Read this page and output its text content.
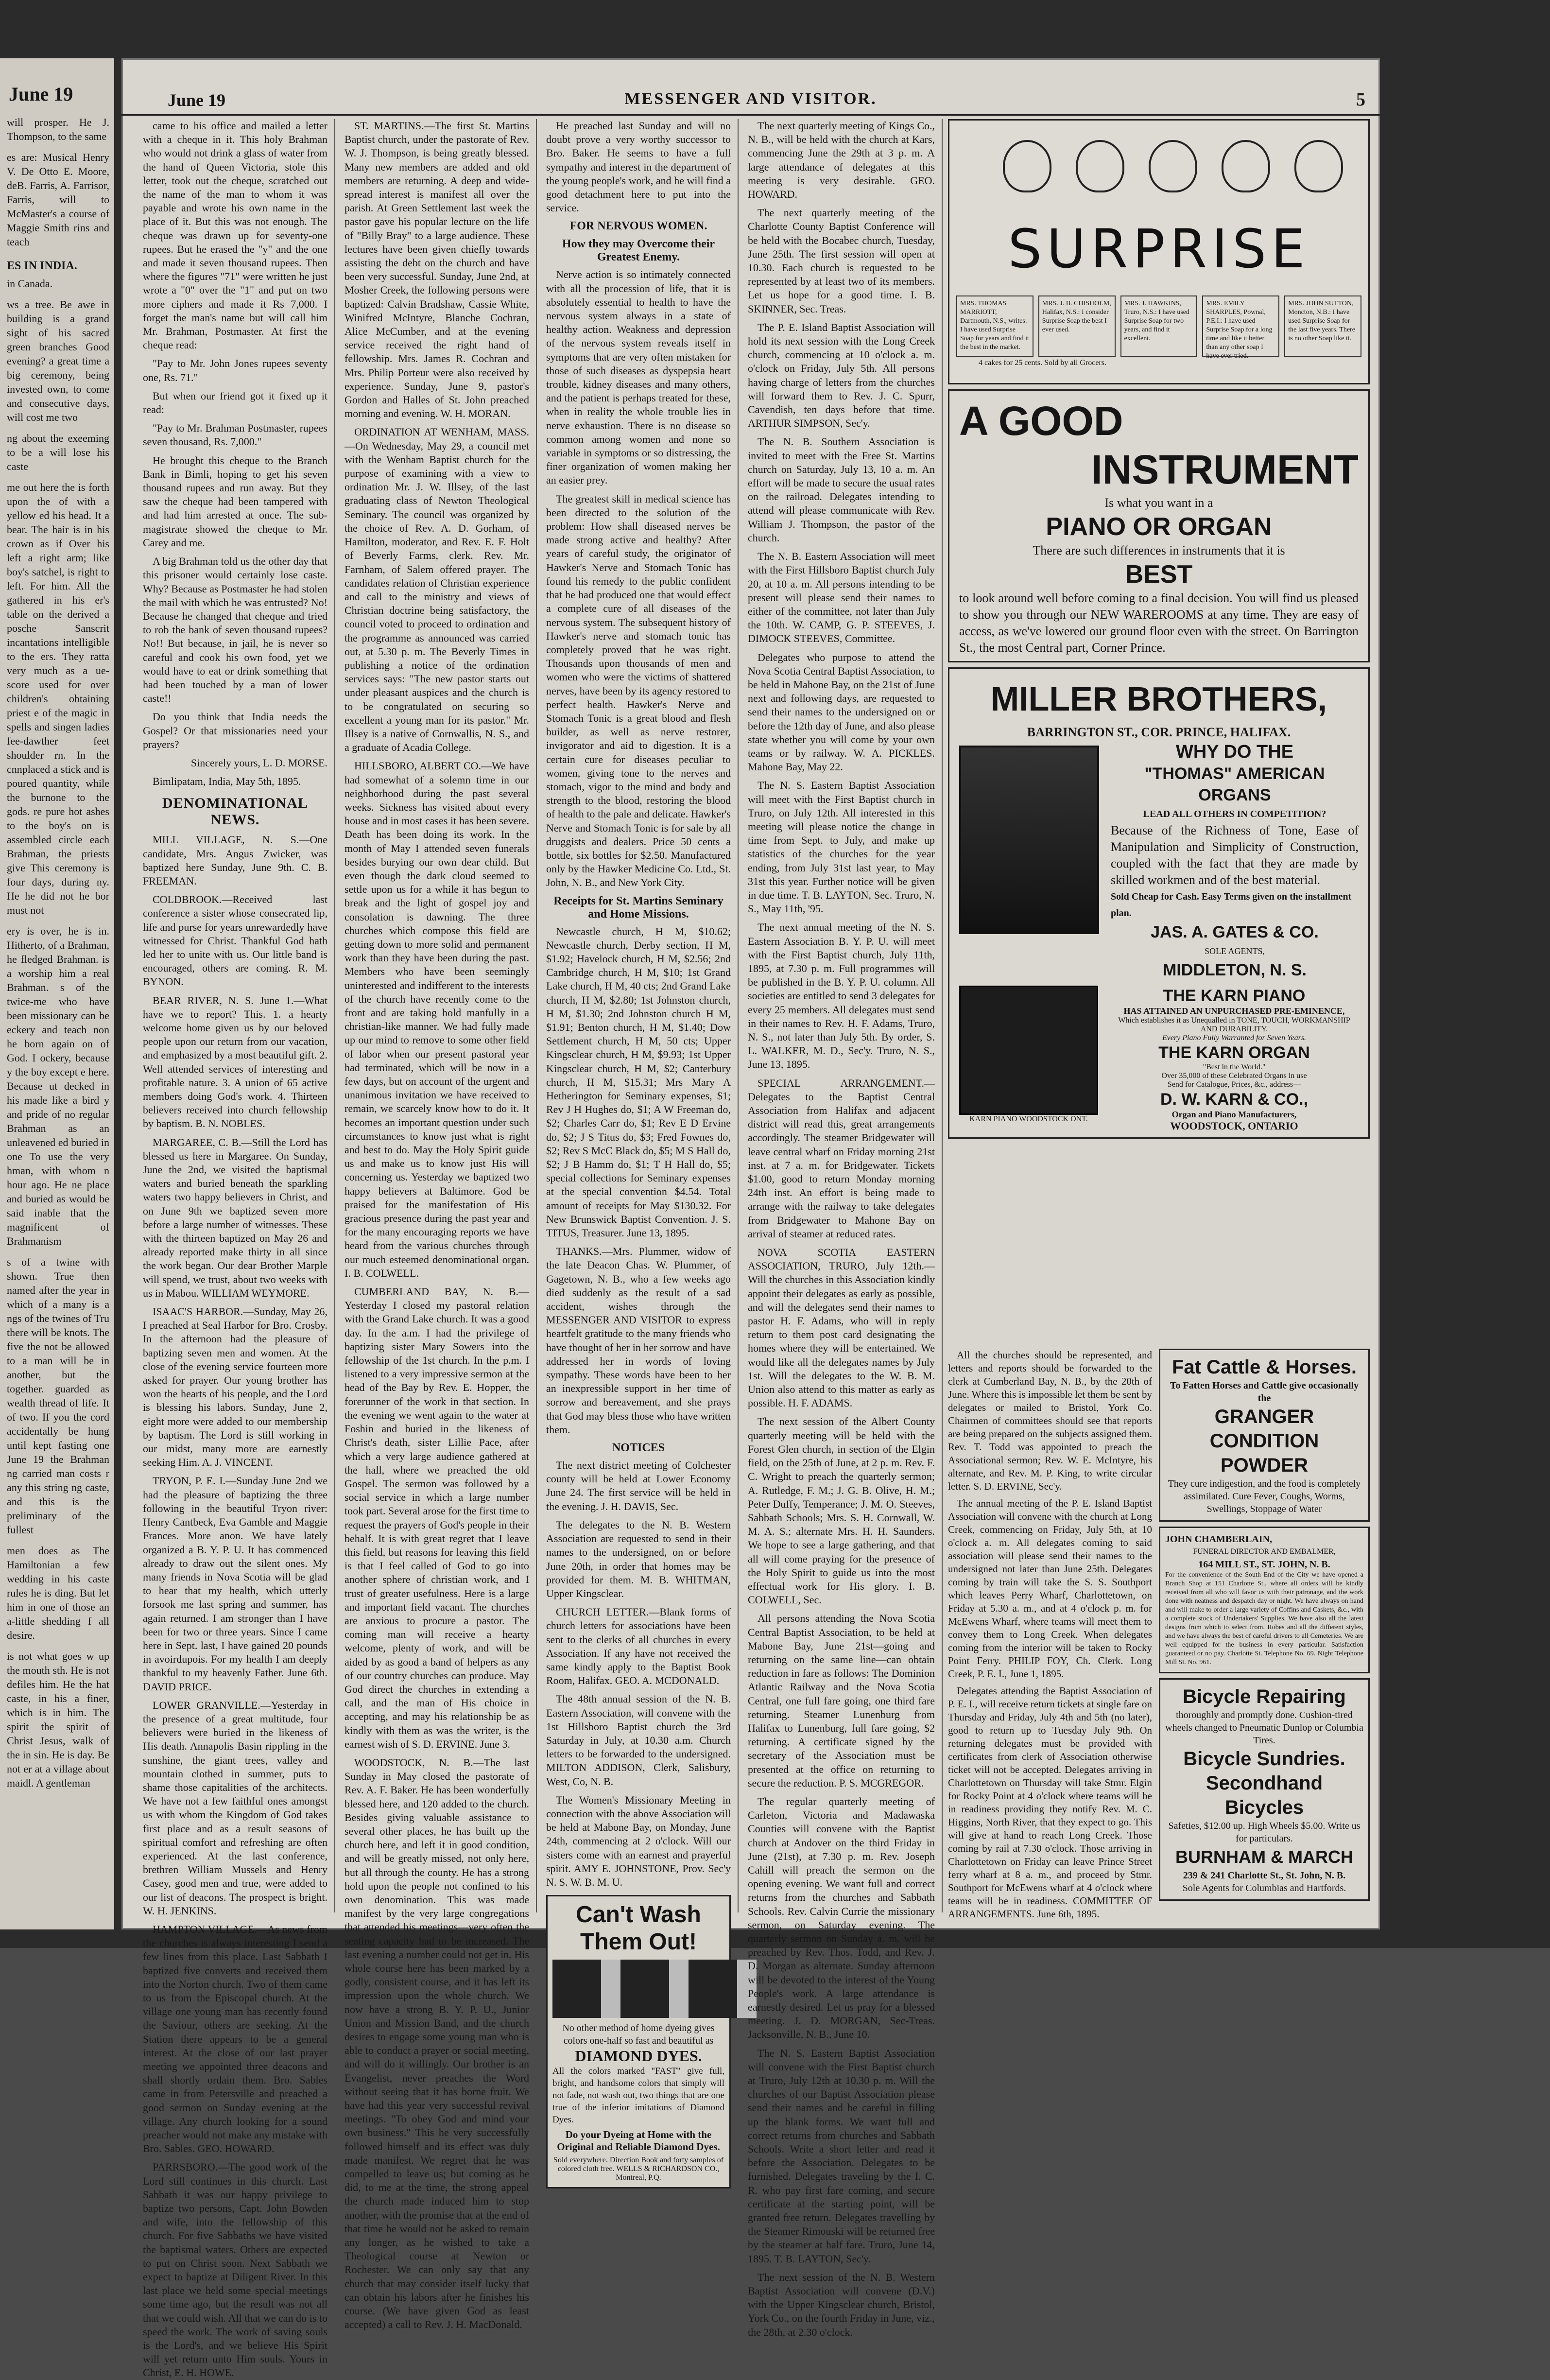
June 19
will prosper. He J. Thompson, to the same
es are: Musical Henry V. De Otto E. Moore, deB. Farris, A. Farrisor, Farris, will to McMaster's a course of Maggie Smith rins and teach
ES IN INDIA.
in Canada.
ws a tree. Be awe in building is a grand sight of his sacred green branches Good evening? a great time a big ceremony, being invested own, to come and consecutive days, will cost me two
ng about the exeeming to be a will lose his caste
me out here the is forth upon the of with a yellow ed his head. It a bear. The hair is in his crown as if Over his left a right arm; like boy's satchel, is right to left. For him. All the gathered in his er's table on the derived a posche Sanscrit incantations intelligible to the ers. They ratta very much as a ue-score used for over children's obtaining priest e of the magic in spells and singen ladies fee-dawther feet shoulder rn. In the cnnplaced a stick and is poured quantity, while the burnone to the gods. re pure hot ashes to the boy's on is assembled circle each Brahman, the priests give This ceremony is four days, during ny. He he did not he bor must not
ery is over, he is in. Hitherto, of a Brahman, he fledged Brahman. is a worship him a real Brahman. s of the twice-me who have been missionary can be eckery and teach non he born again on of God. I ockery, because y the boy except e here. Because ut decked in his made like a bird y and pride of no regular Brahman as an unleavened ed buried in one To use the very hman, with whom n hour ago. He ne place and buried as would be said inable that the magnificent of Brahmanism
s of a twine with shown. True then named after the year in which of a many is a ngs of the twines of Tru there will be knots. The five the not be allowed to a man will be in another, but the together. guarded as wealth thread of life. It of two. If you the cord accidentally be hung until kept fasting one June 19 the Brahman ng carried man costs r any this string ng caste, and this is the preliminary of the fullest
men does as The Hamiltonian a few wedding in his caste rules he is ding. But let him in one of those an a-little shedding f all desire.
is not what goes w up the mouth sth. He is not defiles him. He the hat caste, in his a finer, which is in him. The spirit the spirit of Christ Jesus, walk of the in sin. He is day. Be not er at a village about maidl. A gentleman
June 19	MESSENGER AND VISITOR.	5

came to his office and mailed a letter with a cheque in it. This holy Brahman who would not drink a glass of water from the hand of Queen Victoria, stole this letter, took out the cheque, scratched out the name of the man to whom it was payable and wrote his own name in the place of it. But this was not enough. The cheque was drawn up for seventy-one rupees. But he erased the "y" and the one and made it seven thousand rupees. Then where the figures "71" were written he just wrote a "0" over the "1" and put on two more ciphers and made it Rs 7,000. I forget the man's name but will call him Mr. Brahman, Postmaster. At first the cheque read:

"Pay to Mr. John Jones rupees seventy one, Rs. 71."

But when our friend got it fixed up it read:

"Pay to Mr. Brahman Postmaster, rupees seven thousand, Rs. 7,000."

He brought this cheque to the Branch Bank in Bimli, hoping to get his seven thousand rupees and run away. But they saw the cheque had been tampered with and had him arrested at once. The sub-magistrate showed the cheque to Mr. Carey and me.

A big Brahman told us the other day that this prisoner would certainly lose caste. Why? Because as Postmaster he had stolen the mail with which he was entrusted? No! Because he changed that cheque and tried to rob the bank of seven thousand rupees? No!! But because, in jail, he is never so careful and cook his own food, yet we would have to eat or drink something that had been touched by a man of lower caste!!

Do you think that India needs the Gospel? Or that missionaries need your prayers?

Sincerely yours, L. D. MORSE.

Bimlipatam, India, May 5th, 1895.

DENOMINATIONAL NEWS.

MILL VILLAGE, N. S.—One candidate, Mrs. Angus Zwicker, was baptized here Sunday, June 9th. C. B. FREEMAN.

COLDBROOK.—Received last conference a sister whose consecrated lip, life and purse for years unrewardedly have witnessed for Christ. Thankful God hath led her to unite with us. Our little band is encouraged, others are coming. R. M. BYNON.

BEAR RIVER, N. S. June 1.—What have we to report? This. 1. a hearty welcome home given us by our beloved people upon our return from our vacation, and emphasized by a most beautiful gift. 2. Well attended services of interesting and profitable nature. 3. A union of 65 active members doing God's work. 4. Thirteen believers received into church fellowship by baptism. B. N. NOBLES.

MARGAREE, C. B.—Still the Lord has blessed us here in Margaree. On Sunday, June the 2nd, we visited the baptismal waters and buried beneath the sparkling waters two happy believers in Christ, and on June 9th we baptized seven more before a large number of witnesses. These with the thirteen baptized on May 26 and already reported make thirty in all since the work began. Our dear Brother Marple will spend, we trust, about two weeks with us in Mabou. WILLIAM WEYMORE.

ISAAC'S HARBOR.—Sunday, May 26, I preached at Seal Harbor for Bro. Crosby. In the afternoon had the pleasure of baptizing seven men and women. At the close of the evening service fourteen more asked for prayer. Our young brother has won the hearts of his people, and the Lord is blessing his labors. Sunday, June 2, eight more were added to our membership by baptism. The Lord is still working in our midst, many more are earnestly seeking Him. A. J. VINCENT.

TRYON, P. E. I.—Sunday June 2nd we had the pleasure of baptizing the three following in the beautiful Tryon river: Henry Cantbeck, Eva Gamble and Maggie Frances. More anon. We have lately organized a B. Y. P. U. It has commenced already to draw out the silent ones. My many friends in Nova Scotia will be glad to hear that my health, which utterly forsook me last spring and summer, has again returned. I am stronger than I have been for two or three years. Since I came here in Sept. last, I have gained 20 pounds in avoirdupois. For my health I am deeply thankful to my heavenly Father. June 6th. DAVID PRICE.

LOWER GRANVILLE.—Yesterday in the presence of a great multitude, four believers were buried in the likeness of His death. Annapolis Basin rippling in the sunshine, the giant trees, valley and mountain clothed in summer, puts to shame those capitalities of the architects. We have not a few faithful ones amongst us with whom the Kingdom of God takes first place and as a result seasons of spiritual comfort and refreshing are often experienced. At the last conference, brethren William Mussels and Henry Casey, good men and true, were added to our list of deacons. The prospect is bright. W. H. JENKINS.

HAMPTON VILLAGE.—As news from the churches is always interesting I send a few lines from this place. Last Sabbath I baptized five converts and received them into the Norton church. Two of them came to us from the Episcopal church. At the village one young man has recently found the Saviour, others are seeking. At the Station there appears to be a general interest. At the close of our last prayer meeting we appointed three deacons and shall shortly ordain them. Bro. Sables came in from Petersville and preached a good sermon on Sunday evening at the village. Any church looking for a sound preacher would not make any mistake with Bro. Sables. GEO. HOWARD.

PARRSBORO.—The good work of the Lord still continues in this church. Last Sabbath it was our happy privilege to baptize two persons, Capt. John Bowden and wife, into the fellowship of this church. For five Sabbaths we have visited the baptismal waters. Others are expected to put on Christ soon. Next Sabbath we expect to baptize at Diligent River. In this last place we held some special meetings some time ago, but the result was not all that we could wish. All that we can do is to speed the work. The work of saving souls is the Lord's, and we believe His Spirit will yet return unto Him souls. Yours in Christ, E. H. HOWE.

ST. MARTINS.—The first St. Martins Baptist church, under the pastorate of Rev. W. J. Thompson, is being greatly blessed. Many new members are added and old members are returning. A deep and wide-spread interest is manifest all over the parish. At Green Settlement last week the pastor gave his popular lecture on the life of "Billy Bray" to a large audience. These lectures have been given chiefly towards assisting the debt on the church and have been very successful. Sunday, June 2nd, at Mosher Creek, the following persons were baptized: Calvin Bradshaw, Cassie White, Winifred McIntyre, Blanche Cochran, Alice McCumber, and at the evening service received the right hand of fellowship. Mrs. James R. Cochran and Mrs. Philip Porteur were also received by experience. Sunday, June 9, pastor's Gordon and Halles of St. John preached morning and evening. W. H. MORAN.

ORDINATION AT WENHAM, MASS.—On Wednesday, May 29, a council met with the Wenham Baptist church for the purpose of examining with a view to ordination Mr. J. W. Illsey, of the last graduating class of Newton Theological Seminary. The council was organized by the choice of Rev. A. D. Gorham, of Hamilton, moderator, and Rev. E. F. Holt of Beverly Farms, clerk. Rev. Mr. Farnham, of Salem offered prayer. The candidates relation of Christian experience and call to the ministry and views of Christian doctrine being satisfactory, the council voted to proceed to ordination and the programme as announced was carried out, at 5.30 p. m. The Beverly Times in publishing a notice of the ordination services says: "The new pastor starts out under pleasant auspices and the church is to be congratulated on securing so excellent a young man for its pastor." Mr. Illsey is a native of Cornwallis, N. S., and a graduate of Acadia College.

HILLSBORO, ALBERT CO.—We have had somewhat of a solemn time in our neighborhood during the past several weeks. Sickness has visited about every house and in most cases it has been severe. Death has been doing its work. In the month of May I attended seven funerals besides burying our own dear child. But even though the dark cloud seemed to settle upon us for a while it has begun to break and the light of gospel joy and consolation is dawning. The three churches which compose this field are getting down to more solid and permanent work than they have been during the past. Members who have been seemingly uninterested and indifferent to the interests of the church have recently come to the front and are taking hold manfully in a christian-like manner. We had fully made up our mind to remove to some other field of labor when our present pastoral year had terminated, which will be now in a few days, but on account of the urgent and unanimous invitation we have received to remain, we scarcely know how to do it. It becomes an important question under such circumstances to know just what is right and best to do. May the Holy Spirit guide us and make us to know just His will concerning us. Yesterday we baptized two happy believers at Baltimore. God be praised for the manifestation of His gracious presence during the past year and for the many encouraging reports we have heard from the various churches through our much esteemed denominational organ. I. B. COLWELL.

CUMBERLAND BAY, N. B.—Yesterday I closed my pastoral relation with the Grand Lake church. It was a good day. In the a.m. I had the privilege of baptizing sister Mary Sowers into the fellowship of the 1st church. In the p.m. I listened to a very impressive sermon at the head of the Bay by Rev. E. Hopper, the forerunner of the work in that section. In the evening we went again to the water at Foshin and buried in the likeness of Christ's death, sister Lillie Pace, after which a very large audience gathered at the hall, where we preached the old Gospel. The sermon was followed by a social service in which a large number took part. Several arose for the first time to request the prayers of God's people in their behalf. It is with great regret that I leave this field, but reasons for leaving this field is that I feel called of God to go into another sphere of christian work, and I trust of greater usefulness. Here is a large and important field vacant. The churches are anxious to procure a pastor. The coming man will receive a hearty welcome, plenty of work, and will be aided by as good a band of helpers as any of our country churches can produce. May God direct the churches in extending a call, and the man of His choice in accepting, and may his relationship be as kindly with them as was the writer, is the earnest wish of S. D. ERVINE. June 3.

WOODSTOCK, N. B.—The last Sunday in May closed the pastorate of Rev. A. F. Baker. He has been wonderfully blessed here, and 120 added to the church. Besides giving valuable assistance to several other places, he has built up the church here, and left it in good condition, and will be greatly missed, not only here, but all through the county. He has a strong hold upon the people not confined to his own denomination. This was made manifest by the very large congregations that attended his meetings—very often the seating capacity had to be increased. The last evening a number could not get in. His whole course here has been marked by a godly, consistent course, and it has left its impression upon the whole church. We now have a strong B. Y. P. U., Junior Union and Mission Band, and the church desires to engage some young man who is able to conduct a prayer or social meeting, and will do it willingly. Our brother is an Evangelist, never preaches the Word without seeing that it has borne fruit. We have had this year very successful revival meetings. "To obey God and mind your own business." This he very successfully followed himself and its effect was duly made manifest. We regret that he was compelled to leave us; but coming as he did, to me at the time, the strong appeal the church made induced him to stop another, with the promise that at the end of that time he would not be asked to remain any longer, as he wished to take a Theological course at Newton or Rochester. We can only say that any church that may consider itself lucky that can obtain his labors after he finishes his course. (We have given God as least accepted) a call to Rev. J. H. MacDonald.

He preached last Sunday and will no doubt prove a very worthy successor to Bro. Baker. He seems to have a full sympathy and interest in the department of the young people's work, and he will find a good detachment here to put into the service.

FOR NERVOUS WOMEN.
How they may Overcome their Greatest Enemy.

Nerve action is so intimately connected with all the procession of life, that it is absolutely essential to health to have the nervous system always in a state of healthy action. Weakness and depression of the nervous system reveals itself in symptoms that are very often mistaken for those of such diseases as dyspepsia heart trouble, kidney diseases and many others, and the patient is perhaps treated for these, when in reality the whole trouble lies in nerve exhaustion. There is no disease so common among women and none so variable in symptoms or so distressing, the finer organization of women making her an easier prey.

The greatest skill in medical science has been directed to the solution of the problem: How shall diseased nerves be made strong active and healthy? After years of careful study, the originator of Hawker's Nerve and Stomach Tonic has found his remedy to the public confident that he had produced one that would effect a complete cure of all diseases of the nervous system. The subsequent history of Hawker's nerve and stomach tonic has completely proved that he was right. Thousands upon thousands of men and women who were the victims of shattered nerves, have been by its agency restored to perfect health. Hawker's Nerve and Stomach Tonic is a great blood and flesh builder, as well as nerve restorer, invigorator and aid to digestion. It is a certain cure for diseases peculiar to women, giving tone to the nerves and stomach, vigor to the mind and body and strength to the blood, restoring the blood of health to the pale and delicate. Hawker's Nerve and Stomach Tonic is for sale by all druggists and dealers. Price 50 cents a bottle, six bottles for $2.50. Manufactured only by the Hawker Medicine Co. Ltd., St. John, N. B., and New York City.

Receipts for St. Martins Seminary and Home Missions.

Newcastle church, H M, $10.62; Newcastle church, Derby section, H M, $1.92; Havelock church, H M, $2.56; 2nd Cambridge church, H M, $10; 1st Grand Lake church, H M, 40 cts; 2nd Grand Lake church, H M, $2.80; 1st Johnston church, H M, $1.30; 2nd Johnston church H M, $1.91; Benton church, H M, $1.40; Dow Settlement church, H M, 50 cts; Upper Kingsclear church, H M, $9.93; 1st Upper Kingsclear church, H M, $2; Canterbury church, H M, $15.31; Mrs Mary A Hetherington for Seminary expenses, $1; Rev J H Hughes do, $1; A W Freeman do, $2; Charles Carr do, $1; Rev E D Ervine do, $2; J S Titus do, $3; Fred Fownes do, $2; Rev S McC Black do, $5; M S Hall do, $2; J B Hamm do, $1; T H Hall do, $5; special collections for Seminary expenses at the special convention $4.54. Total amount of receipts for May $130.32. For New Brunswick Baptist Convention. J. S. TITUS, Treasurer. June 13, 1895.

THANKS.—Mrs. Plummer, widow of the late Deacon Chas. W. Plummer, of Gagetown, N. B., who a few weeks ago died suddenly as the result of a sad accident, wishes through the MESSENGER AND VISITOR to express heartfelt gratitude to the many friends who have thought of her in her sorrow and have addressed her in words of loving sympathy. These words have been to her an inexpressible support in her time of sorrow and bereavement, and she prays that God may bless those who have written them.

NOTICES

The next district meeting of Colchester county will be held at Lower Economy June 24. The first service will be held in the evening. J. H. DAVIS, Sec.

The delegates to the N. B. Western Association are requested to send in their names to the undersigned, on or before June 20th, in order that homes may be provided for them. M. B. WHITMAN, Upper Kingsclear.

CHURCH LETTER.—Blank forms of church letters for associations have been sent to the clerks of all churches in every Association. If any have not received the same kindly apply to the Baptist Book Room, Halifax. GEO. A. MCDONALD.

The 48th annual session of the N. B. Eastern Association, will convene with the 1st Hillsboro Baptist church the 3rd Saturday in July, at 10.30 a.m. Church letters to be forwarded to the undersigned. MILTON ADDISON, Clerk, Salisbury, West, Co, N. B.

The Women's Missionary Meeting in connection with the above Association will be held at Mabone Bay, on Monday, June 24th, commencing at 2 o'clock. Will our sisters come with an earnest and prayerful spirit. AMY E. JOHNSTONE, Prov. Sec'y N. S. W. B. M. U.

Can't Wash Them Out!
No other method of home dyeing gives colors one-half so fast and beautiful as
DIAMOND DYES.
All the colors marked "FAST" give full, bright, and handsome colors that simply will not fade, not wash out, two things that are one true of the inferior imitations of Diamond Dyes.
Do your Dyeing at Home with the Original and Reliable Diamond Dyes.
Sold everywhere. Direction Book and forty samples of colored cloth free. WELLS & RICHARDSON CO., Montreal, P.Q.

The next quarterly meeting of Kings Co., N. B., will be held with the church at Kars, commencing June the 29th at 3 p. m. A large attendance of delegates at this meeting is very desirable. GEO. HOWARD.

The next quarterly meeting of the Charlotte County Baptist Conference will be held with the Bocabec church, Tuesday, June 25th. The first session will open at 10.30. Each church is requested to be represented by at least two of its members. Let us hope for a good time. I. B. SKINNER, Sec. Treas.

The P. E. Island Baptist Association will hold its next session with the Long Creek church, commencing at 10 o'clock a. m. o'clock on Friday, July 5th. All persons having charge of letters from the churches will forward them to Rev. J. C. Spurr, Cavendish, ten days before that time. ARTHUR SIMPSON, Sec'y.

The N. B. Southern Association is invited to meet with the Free St. Martins church on Saturday, July 13, 10 a. m. An effort will be made to secure the usual rates on the railroad. Delegates intending to attend will please communicate with Rev. William J. Thompson, the pastor of the church.

The N. B. Eastern Association will meet with the First Hillsboro Baptist church July 20, at 10 a. m. All persons intending to be present will please send their names to either of the committee, not later than July the 10th. W. CAMP, G. P. STEEVES, J. DIMOCK STEEVES, Committee.

Delegates who purpose to attend the Nova Scotia Central Baptist Association, to be held in Mahone Bay, on the 21st of June next and following days, are requested to send their names to the undersigned on or before the 12th day of June, and also please state whether you will come by your own teams or by railway. W. A. PICKLES. Mahone Bay, May 22.

The N. S. Eastern Baptist Association will meet with the First Baptist church in Truro, on July 12th. All interested in this meeting will please notice the change in time from Sept. to July, and make up statistics of the churches for the year ending, from July 31st last year, to May 31st this year. Further notice will be given in due time. T. B. LAYTON, Sec. Truro, N. S., May 11th, '95.

The next annual meeting of the N. S. Eastern Association B. Y. P. U. will meet with the First Baptist church, July 11th, 1895, at 7.30 p. m. Full programmes will be published in the B. Y. P. U. column. All societies are entitled to send 3 delegates for every 25 members. All delegates must send in their names to Rev. H. F. Adams, Truro, N. S., not later than July 5th. By order, S. L. WALKER, M. D., Sec'y. Truro, N. S., June 13, 1895.

SPECIAL ARRANGEMENT.—Delegates to the Baptist Central Association from Halifax and adjacent district will read this, great arrangements accordingly. The steamer Bridgewater will leave central wharf on Friday morning 21st inst. at 7 a. m. for Bridgewater. Tickets $1.00, good to return Monday morning 24th inst. An effort is being made to arrange with the railway to take delegates from Bridgewater to Mahone Bay on arrival of steamer at reduced rates.

NOVA SCOTIA EASTERN ASSOCIATION, TRURO, July 12th.—Will the churches in this Association kindly appoint their delegates as early as possible, and will the delegates send their names to pastor H. F. Adams, who will in reply return to them post card designating the homes where they will be entertained. We would like all the delegates names by July 1st. Will the delegates to the W. B. M. Union also attend to this matter as early as possible. H. F. ADAMS.

The next session of the Albert County quarterly meeting will be held with the Forest Glen church, in section of the Elgin field, on the 25th of June, at 2 p. m. Rev. F. C. Wright to preach the quarterly sermon; A. Rutledge, F. M.; J. G. B. Olive, H. M.; Peter Duffy, Temperance; J. M. O. Steeves, Sabbath Schools; Mrs. S. H. Cornwall, W. M. A. S.; alternate Mrs. H. H. Saunders. We hope to see a large gathering, and that all will come praying for the presence of the Holy Spirit to guide us into the most effectual work for His glory. I. B. COLWELL, Sec.

All persons attending the Nova Scotia Central Baptist Association, to be held at Mabone Bay, June 21st—going and returning on the same line—can obtain reduction in fare as follows: The Dominion Atlantic Railway and the Nova Scotia Central, one full fare going, one third fare returning. Steamer Lunenburg from Halifax to Lunenburg, full fare going, $2 returning. A certificate signed by the secretary of the Association must be presented at the office on returning to secure the reduction. P. S. MCGREGOR.

The regular quarterly meeting of Carleton, Victoria and Madawaska Counties will convene with the Baptist church at Andover on the third Friday in June (21st), at 7.30 p. m. Rev. Joseph Cahill will preach the sermon on the opening evening. We want full and correct returns from the churches and Sabbath Schools. Rev. Calvin Currie the missionary sermon, on Saturday evening. The quarterly sermon on Sunday a. m. will be preached by Rev. Thos. Todd, and Rev. J. D. Morgan as alternate. Sunday afternoon will be devoted to the interest of the Young People's work. A large attendance is earnestly desired. Let us pray for a blessed meeting. J. D. MORGAN, Sec-Treas. Jacksonville, N. B., June 10.

The N. S. Eastern Baptist Association will convene with the First Baptist church at Truro, July 12th at 10.30 p. m. Will the churches of our Baptist Association please send their names and be careful in filling up the blank forms. We want full and correct returns from churches and Sabbath Schools. Write a short letter and read it before the Association. Delegates to be furnished. Delegates traveling by the I. C. R. who pay first fare coming, and secure certificate at the starting point, will be granted free return. Delegates travelling by the Steamer Rimouski will be returned free by the steamer at half fare. Truro, June 14, 1895. T. B. LAYTON, Sec'y.

The next session of the N. B. Western Baptist Association will convene (D.V.) with the Upper Kingsclear church, Bristol, York Co., on the fourth Friday in June, viz., the 28th, at 2.30 o'clock.

SURPRISE
MRS. THOMAS MARRIOTT, Dartmouth, N.S., writes: I have used Surprise Soap for years and find it the best in the market.
MRS. J. B. CHISHOLM, Halifax, N.S.: I consider Surprise Soap the best I ever used.
MRS. J. HAWKINS, Truro, N.S.: I have used Surprise Soap for two years, and find it excellent.
MRS. EMILY SHARPLES, Pownal, P.E.I.: I have used Surprise Soap for a long time and like it better than any other soap I have ever tried.
MRS. JOHN SUTTON, Moncton, N.B.: I have used Surprise Soap for the last five years. There is no other Soap like it.
4 cakes for 25 cents. Sold by all Grocers.
A GOOD
INSTRUMENT
Is what you want in a
PIANO OR ORGAN
There are such differences in instruments that it is
BEST
to look around well before coming to a final decision. You will find us pleased to show you through our NEW WAREROOMS at any time. They are easy of access, as we've lowered our ground floor even with the street. On Barrington St., the most Central part, Corner Prince.
MILLER BROTHERS,
BARRINGTON ST., COR. PRINCE, HALIFAX.
WHY DO THE
"THOMAS" AMERICAN ORGANS
LEAD ALL OTHERS IN COMPETITION?
Because of the Richness of Tone, Ease of Manipulation and Simplicity of Construction, coupled with the fact that they are made by skilled workmen and of the best material.
Sold Cheap for Cash. Easy Terms given on the installment plan.
JAS. A. GATES & CO.
SOLE AGENTS,
MIDDLETON, N. S.
KARN PIANO WOODSTOCK ONT.
THE KARN PIANO
HAS ATTAINED AN UNPURCHASED PRE-EMINENCE,
Which establishes it as Unequalled in TONE, TOUCH, WORKMANSHIP AND DURABILITY.
Every Piano Fully Warranted for Seven Years.
THE KARN ORGAN
"Best in the World."
Over 35,000 of these Celebrated Organs in use
Send for Catalogue, Prices, &c., address—
D. W. KARN & CO.,
Organ and Piano Manufacturers,
WOODSTOCK, ONTARIO

All the churches should be represented, and letters and reports should be forwarded to the clerk at Cumberland Bay, N. B., by the 20th of June. Where this is impossible let them be sent by delegates or mailed to Bristol, York Co. Chairmen of committees should see that reports are being prepared on the subjects assigned them. Rev. T. Todd was appointed to preach the Associational sermon; Rev. W. E. McIntyre, his alternate, and Rev. M. P. King, to write circular letter. S. D. ERVINE, Sec'y.

The annual meeting of the P. E. Island Baptist Association will convene with the church at Long Creek, commencing on Friday, July 5th, at 10 o'clock a. m. All delegates coming to said association will please send their names to the undersigned not later than June 25th. Delegates coming by train will take the S. S. Southport which leaves Perry Wharf, Charlottetown, on Friday at 5.30 a. m., and at 4 o'clock p. m. for McEwens Wharf, where teams will meet them to convey them to Long Creek. When delegates coming from the interior will be taken to Rocky Point Ferry. PHILIP FOY, Ch. Clerk. Long Creek, P. E. I., June 1, 1895.

Delegates attending the Baptist Association of P. E. I., will receive return tickets at single fare on Thursday and Friday, July 4th and 5th (no later), good to return up to Tuesday July 9th. On returning delegates must be provided with certificates from clerk of Association otherwise ticket will not be accepted. Delegates arriving in Charlottetown on Thursday will take Stmr. Elgin for Rocky Point at 4 o'clock where teams will be in readiness providing they notify Rev. M. C. Higgins, North River, that they expect to go. This will give at hand to reach Long Creek. Those coming by rail at 7.30 o'clock. Those arriving in Charlottetown on Friday can leave Prince Street ferry wharf at 8 a. m., and proceed by Stmr. Southport for McEwens wharf at 4 o'clock where teams will be in readiness. COMMITTEE OF ARRANGEMENTS. June 6th, 1895.

Fat Cattle & Horses.
To Fatten Horses and Cattle give occasionally the
GRANGER
CONDITION
POWDER
They cure indigestion, and the food is completely assimilated. Cure Fever, Coughs, Worms, Swellings, Stoppage of Water
JOHN CHAMBERLAIN,
FUNERAL DIRECTOR AND EMBALMER,
164 MILL ST., ST. JOHN, N. B.
For the convenience of the South End of the City we have opened a Branch Shop at 151 Charlotte St., where all orders will be kindly received from all who will favor us with their patronage, and the work done with neatness and despatch day or night. We have always on hand and will make to order a large variety of Coffins and Caskets, &c., with a complete stock of Undertakers' Supplies. We have also all the latest designs from which to select from. Robes and all the different styles, and we have always the best of careful drivers to all Cemeteries. We are well equipped for the business in every particular. Satisfaction guaranteed or no pay. Charlotte St. Telephone No. 69. Night Telephone Mill St. No. 961.
Bicycle Repairing
thoroughly and promptly done. Cushion-tired wheels changed to Pneumatic Dunlop or Columbia Tires.
Bicycle Sundries.
Secondhand Bicycles
Safeties, $12.00 up. High Wheels $5.00. Write us for particulars.
BURNHAM & MARCH
239 & 241 Charlotte St., St. John, N. B.
Sole Agents for Columbias and Hartfords.
